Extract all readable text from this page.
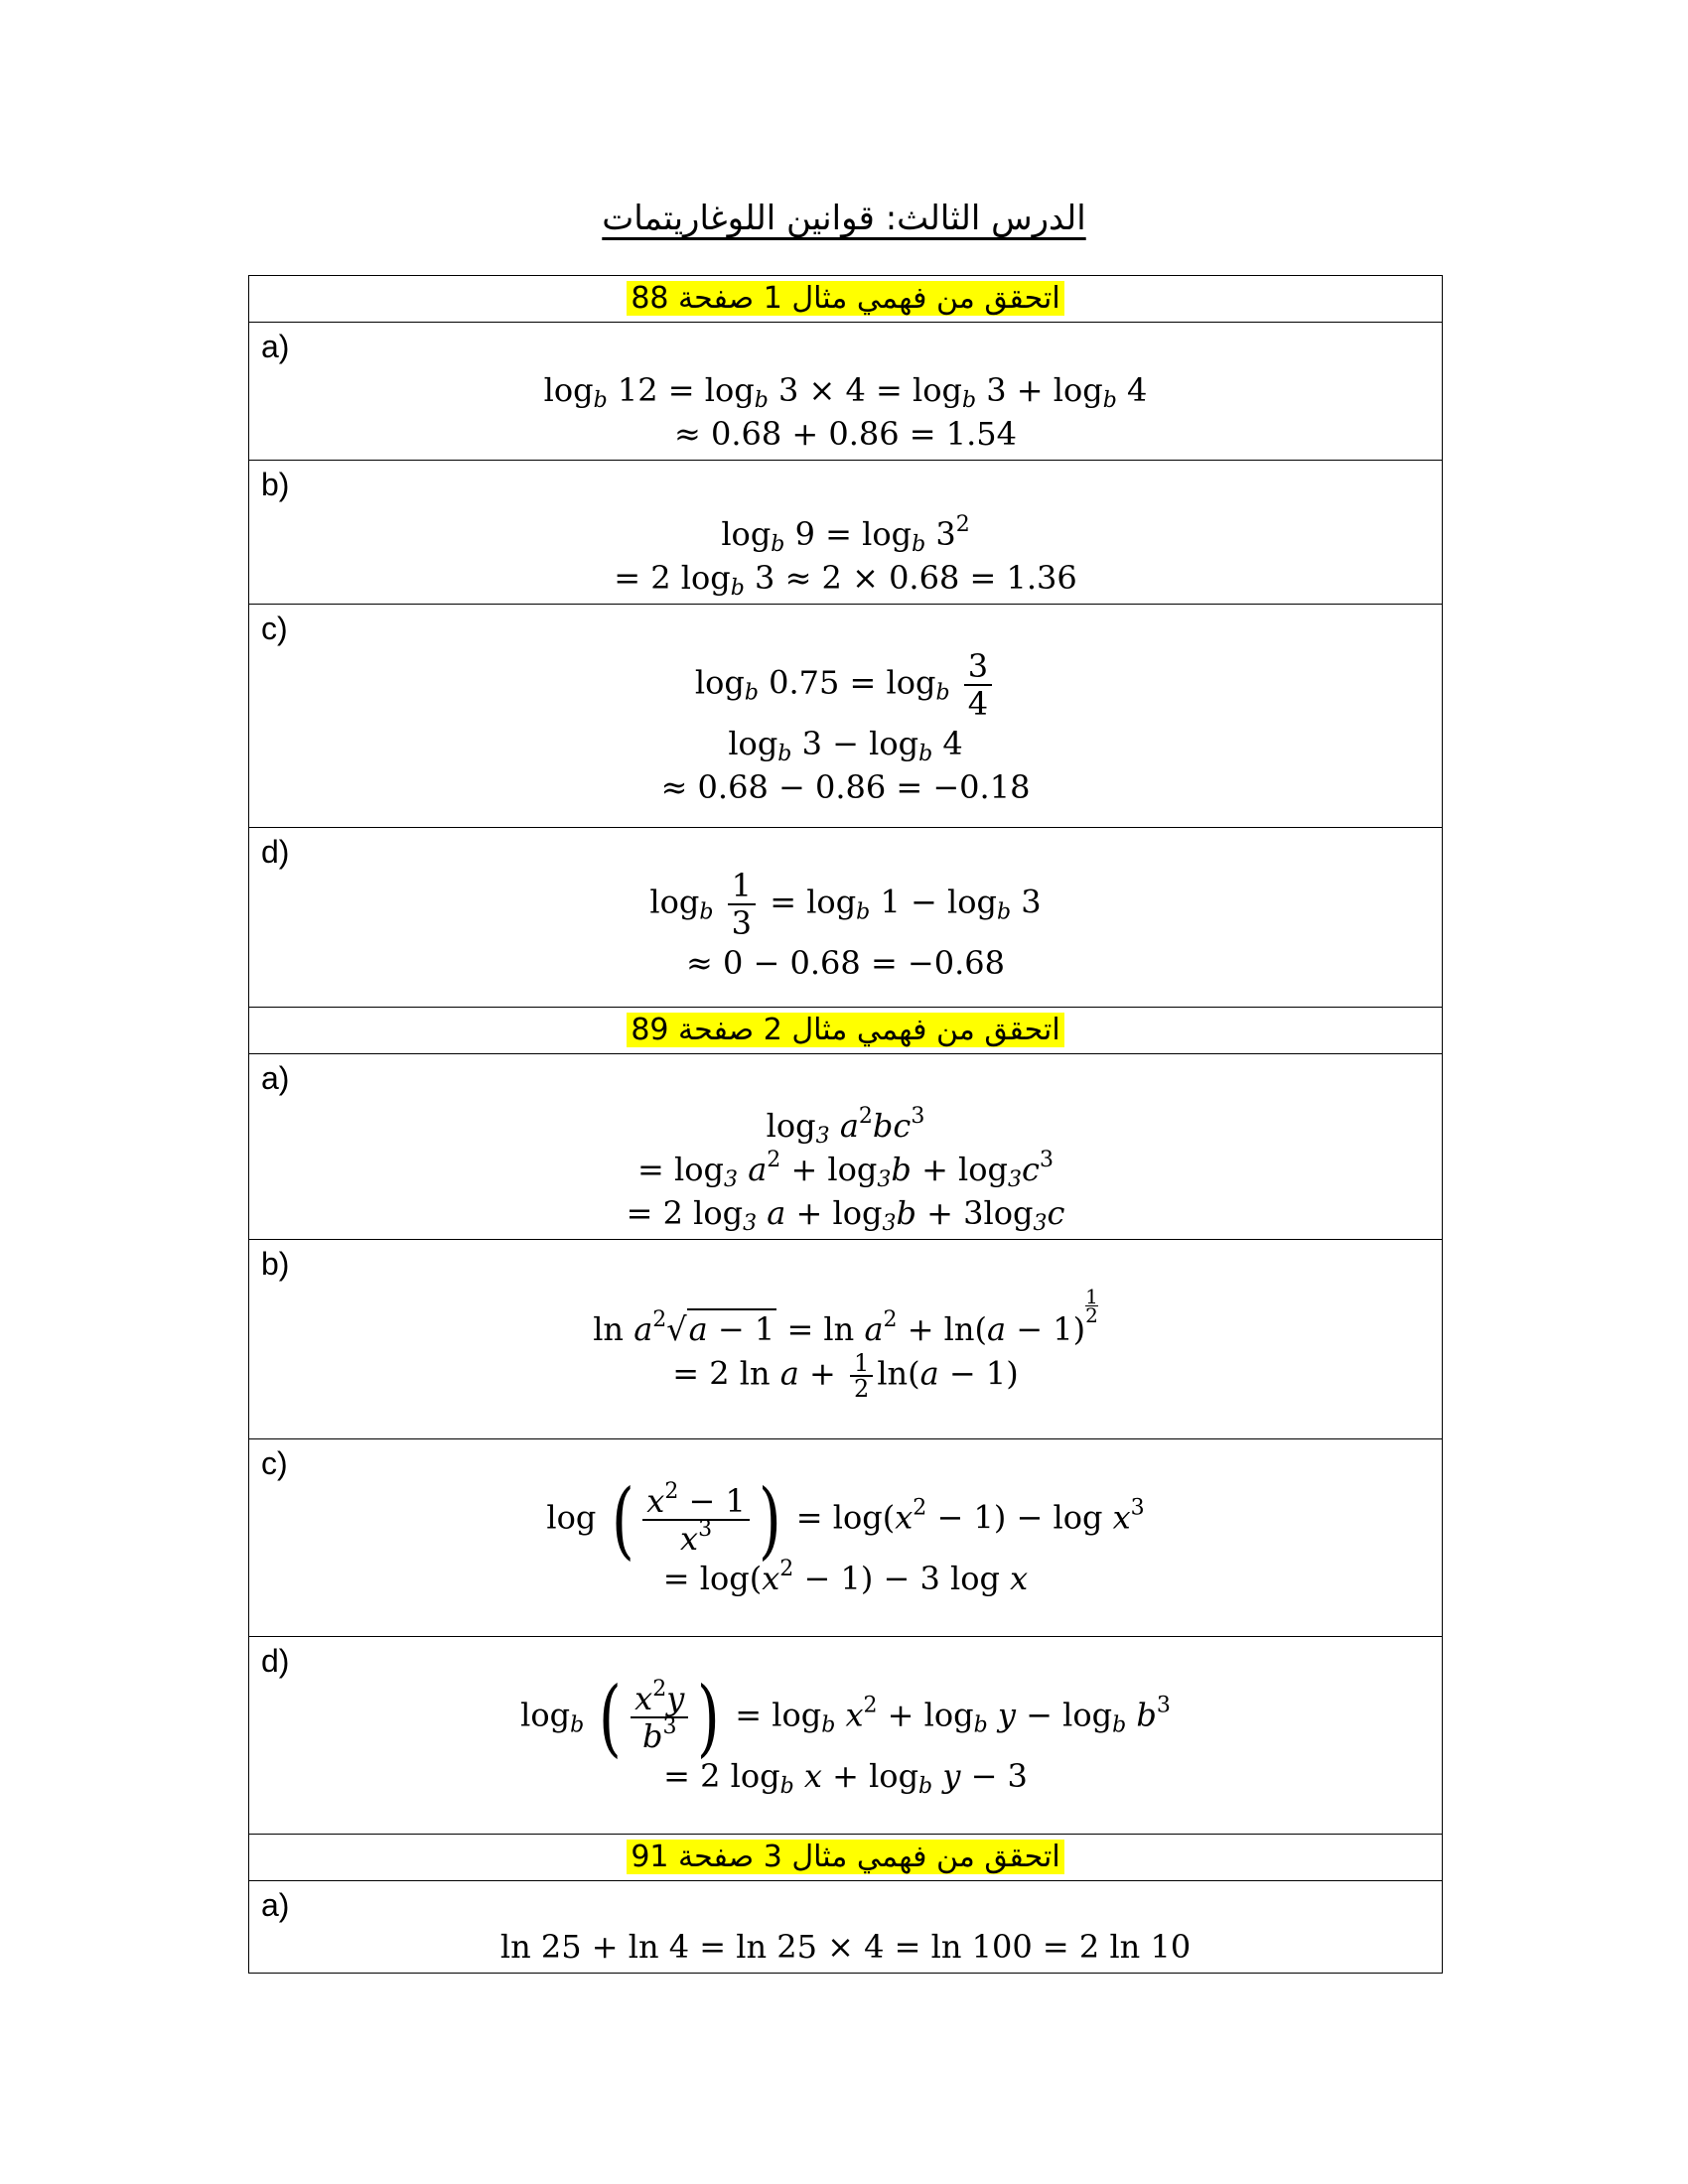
الدرس الثالث: قوانين اللوغاريتمات
اتحقق من فهمي مثال 1 صفحة 88

a)
$\log_b 12 = \log_b 3 \times 4 = \log_b 3 + \log_b 4$
≈ 0.68 + 0.86 = 1.54

b)
$\log_b 9 = \log_b 3^2$
= 2 $\log_b 3 \approx 2 \times 0.68 = 1.36$

c)
$\log_b 0.75 = \log_b \frac{3}{4}$
$\log_b 3 - \log_b 4$
≈ 0.68 − 0.86 = −0.18

d)
$\log_b \frac{1}{3} = \log_b 1 - \log_b 3$
≈ 0 − 0.68 = −0.68

اتحقق من فهمي مثال 2 صفحة 89

a)
$\log_3 a^2bc^3$
= $\log_3 a^2 + \log_3b + \log_3c^3$
= 2 $\log_3 a + \log_3b + 3\log_3c$

b)
$\ln a^2√a - 1 = \ln a^2 + \ln(a - 1)$
$\frac{1}{2}$
= 2 $\ln a + \frac{1}{2} \ln(a - 1)$

c)
log ( $\frac{x^2 - 1}{x^3}$ ) = $\log(x^2 - 1) - \log x^3$
= $\log(x^2 - 1) - 3$ log x

d)
$\log_b$ ( $\frac{x^2y}{b^3}$ ) = $\log_b x^2 + \log_b y - \log_b b^3$
= 2 $\log_b x + \log_b y - 3$

اتحقق من فهمي مثال 3 صفحة 91

a)
ln 25 + ln 4 = ln 25 × 4 = ln 100 = 2 ln 10
